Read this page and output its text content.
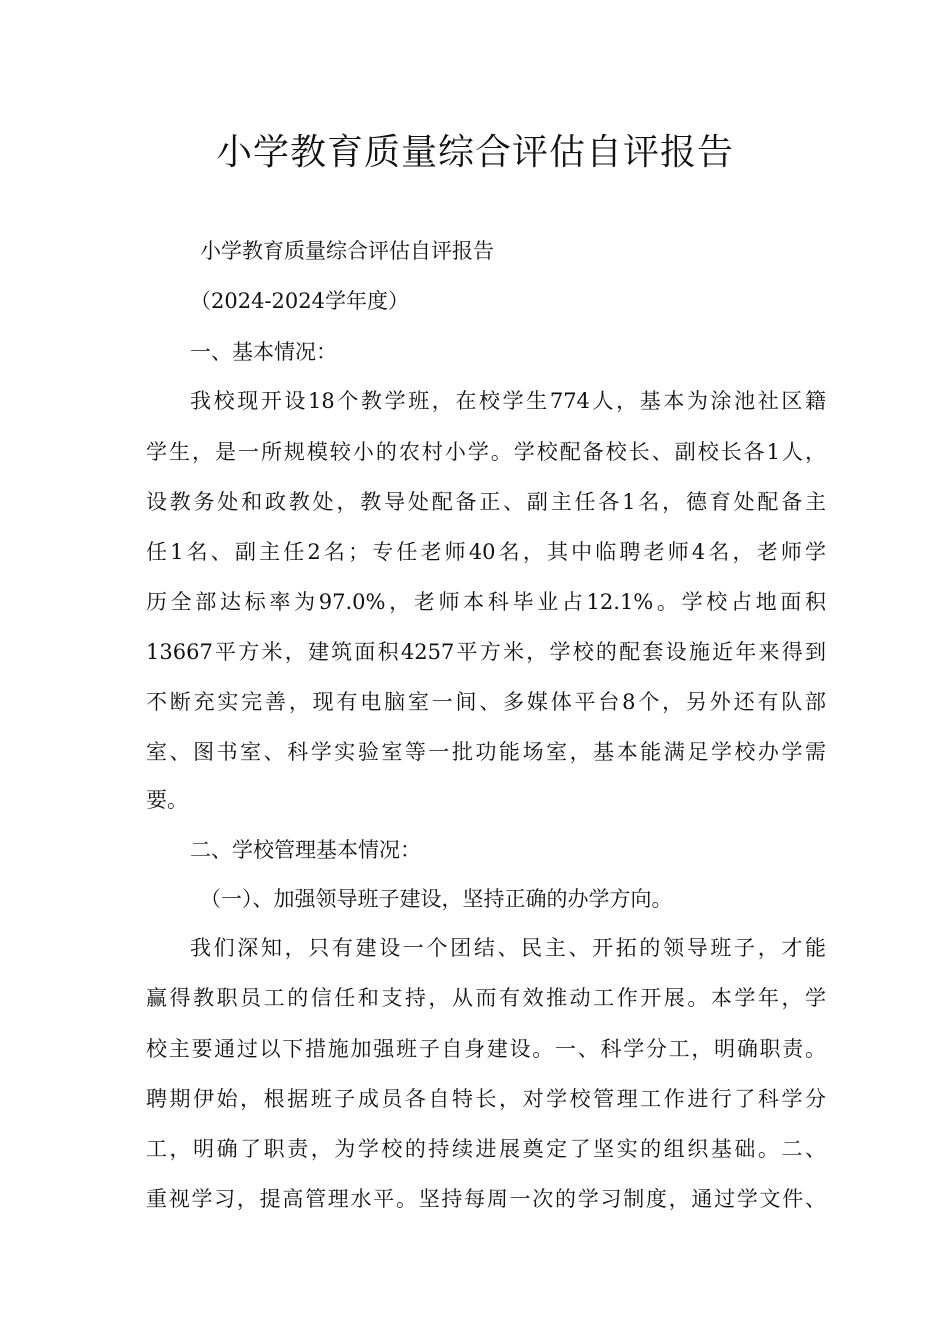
小学教育质量综合评估自评报告

小学教育质量综合评估自评报告

（2024-2024学年度）

一、基本情况：

我校现开设18个教学班，在校学生774人，基本为涂池社区籍

学生，是一所规模较小的农村小学。学校配备校长、副校长各1人，

设教务处和政教处，教导处配备正、副主任各1名，德育处配备主

任1名、副主任2名；专任老师40名，其中临聘老师4名，老师学

历全部达标率为97.0%，老师本科毕业占12.1%。学校占地面积

13667平方米，建筑面积4257平方米，学校的配套设施近年来得到

不断充实完善，现有电脑室一间、多媒体平台8个，另外还有队部

室、图书室、科学实验室等一批功能场室，基本能满足学校办学需

要。

二、学校管理基本情况：

（一）、加强领导班子建设，坚持正确的办学方向。

我们深知，只有建设一个团结、民主、开拓的领导班子，才能

赢得教职员工的信任和支持，从而有效推动工作开展。本学年，学

校主要通过以下措施加强班子自身建设。一、科学分工，明确职责。

聘期伊始，根据班子成员各自特长，对学校管理工作进行了科学分

工，明确了职责，为学校的持续进展奠定了坚实的组织基础。二、

重视学习，提高管理水平。坚持每周一次的学习制度，通过学文件、
